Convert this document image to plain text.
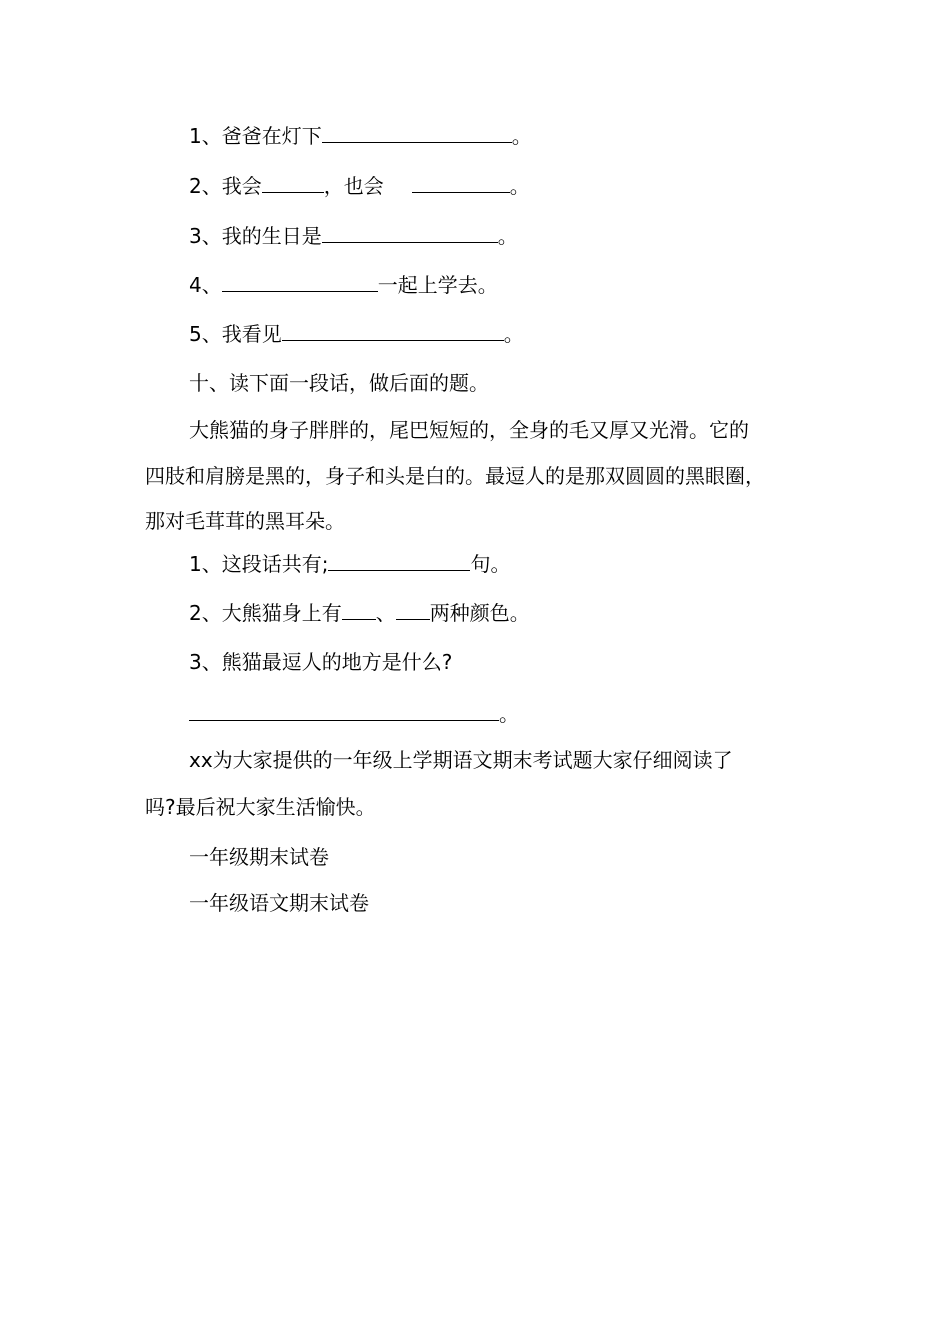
1、爸爸在灯下	。
2、我会	，也会	。
3、我的生日是	。
4、	一起上学去。
5、我看见	。
十、读下面一段话，做后面的题。
大熊猫的身子胖胖的，尾巴短短的，全身的毛又厚又光滑。它的
四肢和肩膀是黑的，身子和头是白的。最逗人的是那双圆圆的黑眼圈，
那对毛茸茸的黑耳朵。
1、这段话共有;	句。
2、大熊猫身上有 、 两种颜色。
3、熊猫最逗人的地方是什么?
。
xx为大家提供的一年级上学期语文期末考试题大家仔细阅读了
吗?最后祝大家生活愉快。
一年级期末试卷
一年级语文期末试卷
